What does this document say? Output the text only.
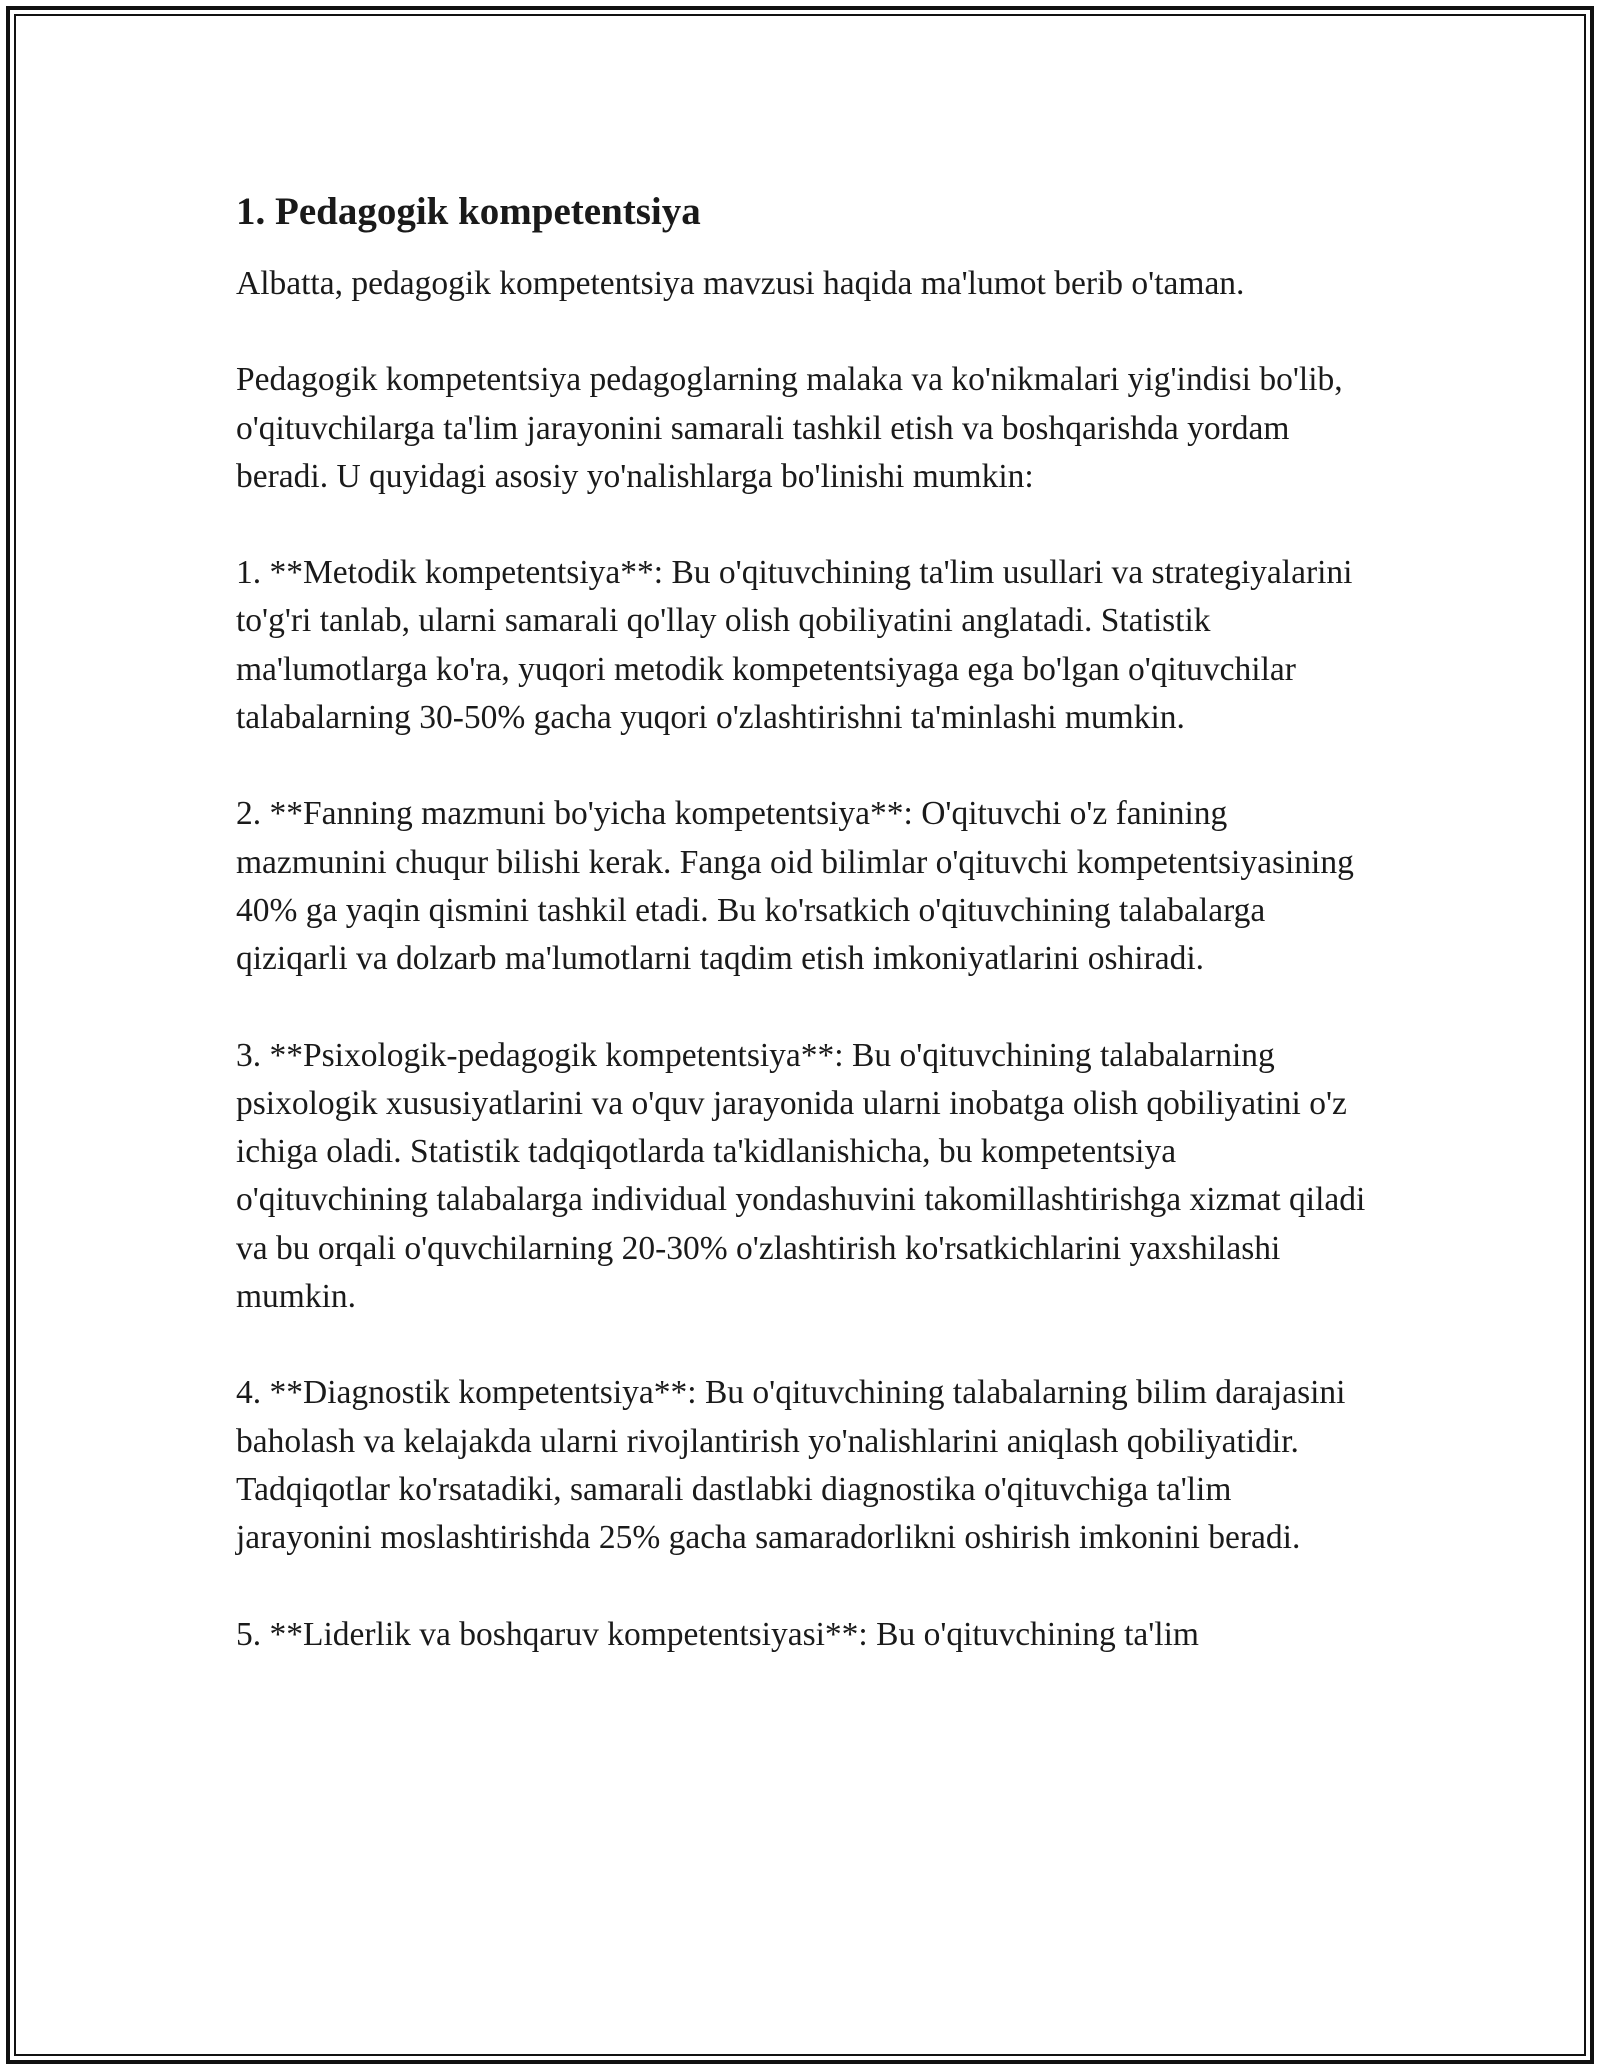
1. Pedagogik kompetentsiya

Albatta, pedagogik kompetentsiya mavzusi haqida ma'lumot berib o'taman.

Pedagogik kompetentsiya pedagoglarning malaka va ko'nikmalari yig'indisi bo'lib, o'qituvchilarga ta'lim jarayonini samarali tashkil etish va boshqarishda yordam beradi. U quyidagi asosiy yo'nalishlarga bo'linishi mumkin:

1. **Metodik kompetentsiya**: Bu o'qituvchining ta'lim usullari va strategiyalarini to'g'ri tanlab, ularni samarali qo'llay olish qobiliyatini anglatadi. Statistik ma'lumotlarga ko'ra, yuqori metodik kompetentsiyaga ega bo'lgan o'qituvchilar talabalarning 30-50% gacha yuqori o'zlashtirishni ta'minlashi mumkin.

2. **Fanning mazmuni bo'yicha kompetentsiya**: O'qituvchi o'z fanining mazmunini chuqur bilishi kerak. Fanga oid bilimlar o'qituvchi kompetentsiyasining 40% ga yaqin qismini tashkil etadi. Bu ko'rsatkich o'qituvchining talabalarga qiziqarli va dolzarb ma'lumotlarni taqdim etish imkoniyatlarini oshiradi.

3. **Psixologik-pedagogik kompetentsiya**: Bu o'qituvchining talabalarning psixologik xususiyatlarini va o'quv jarayonida ularni inobatga olish qobiliyatini o'z ichiga oladi. Statistik tadqiqotlarda ta'kidlanishicha, bu kompetentsiya o'qituvchining talabalarga individual yondashuvini takomillashtirishga xizmat qiladi va bu orqali o'quvchilarning 20-30% o'zlashtirish ko'rsatkichlarini yaxshilashi mumkin.

4. **Diagnostik kompetentsiya**: Bu o'qituvchining talabalarning bilim darajasini baholash va kelajakda ularni rivojlantirish yo'nalishlarini aniqlash qobiliyatidir. Tadqiqotlar ko'rsatadiki, samarali dastlabki diagnostika o'qituvchiga ta'lim jarayonini moslashtirishda 25% gacha samaradorlikni oshirish imkonini beradi.

5. **Liderlik va boshqaruv kompetentsiyasi**: Bu o'qituvchining ta'lim
